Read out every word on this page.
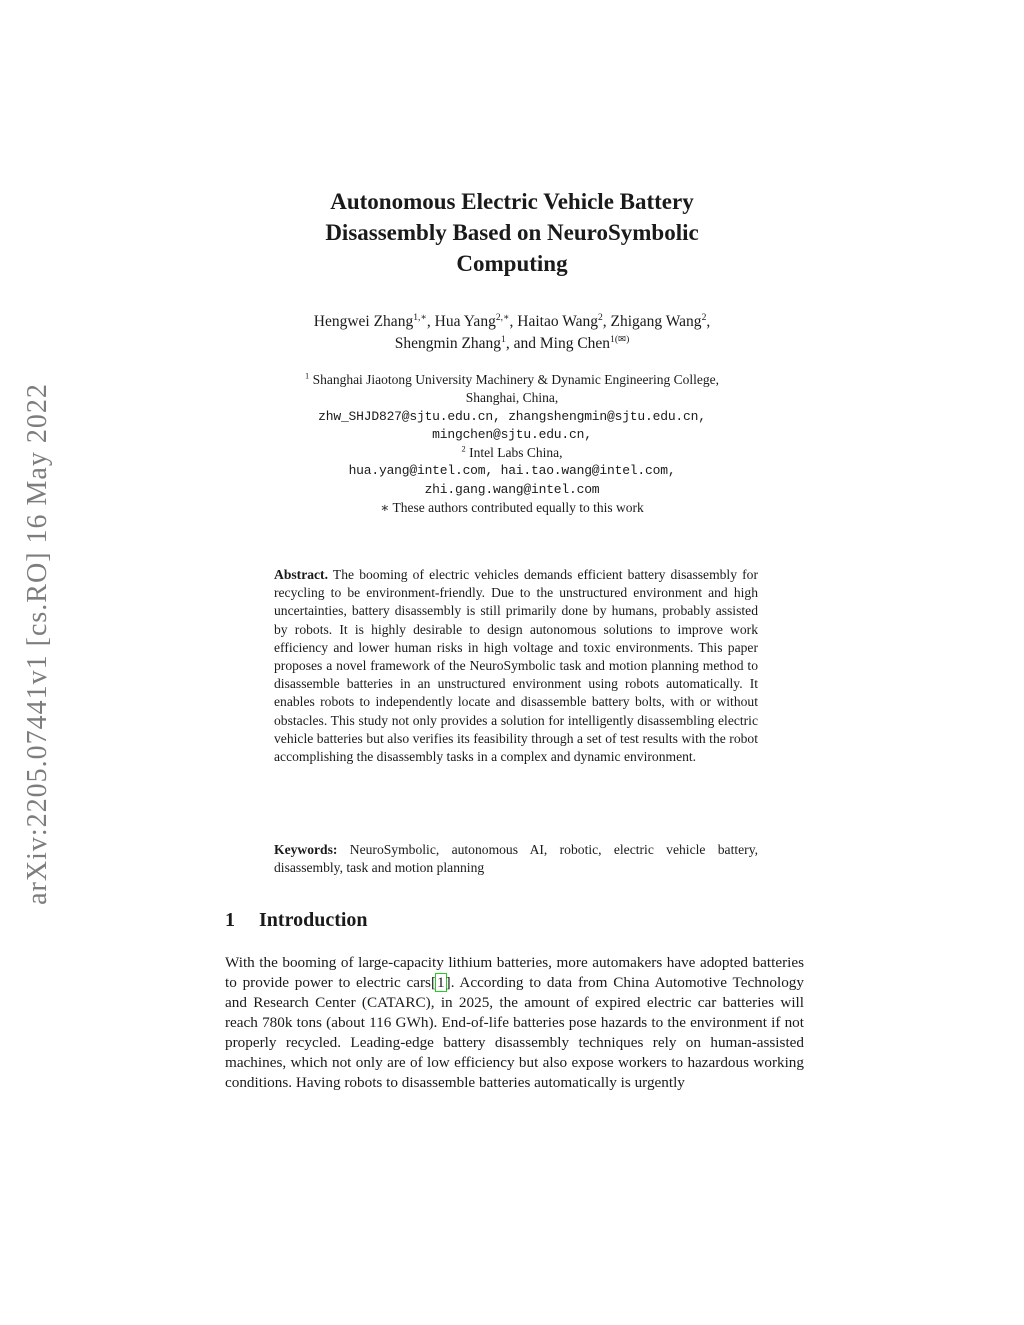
arXiv:2205.07441v1 [cs.RO] 16 May 2022
Autonomous Electric Vehicle Battery
Disassembly Based on NeuroSymbolic
Computing
Hengwei Zhang$^{1,∗}$, Hua Yang$^{2,∗}$, Haitao Wang$^2$, Zhigang Wang$^2$,
Shengmin Zhang$^1$, and Ming Chen$^{1(✉)}$
$^1$ Shanghai Jiaotong University Machinery & Dynamic Engineering College,
Shanghai, China,
zhw_SHJD827@sjtu.edu.cn, zhangshengmin@sjtu.edu.cn,
mingchen@sjtu.edu.cn,
$^2$ Intel Labs China,
hua.yang@intel.com, hai.tao.wang@intel.com,
zhi.gang.wang@intel.com
∗ These authors contributed equally to this work
Abstract. The booming of electric vehicles demands efficient battery disassembly for recycling to be environment-friendly. Due to the unstructured environment and high uncertainties, battery disassembly is still primarily done by humans, probably assisted by robots. It is highly desirable to design autonomous solutions to improve work efficiency and lower human risks in high voltage and toxic environments. This paper proposes a novel framework of the NeuroSymbolic task and motion planning method to disassemble batteries in an unstructured environment using robots automatically. It enables robots to independently locate and disassemble battery bolts, with or without obstacles. This study not only provides a solution for intelligently disassembling electric vehicle batteries but also verifies its feasibility through a set of test results with the robot accomplishing the disassembly tasks in a complex and dynamic environment.
Keywords: NeuroSymbolic, autonomous AI, robotic, electric vehicle battery, disassembly, task and motion planning
1 Introduction

With the booming of large-capacity lithium batteries, more automakers have adopted batteries to provide power to electric cars[1]. According to data from China Automotive Technology and Research Center (CATARC), in 2025, the amount of expired electric car batteries will reach 780k tons (about 116 GWh). End-of-life batteries pose hazards to the environment if not properly recycled. Leading-edge battery disassembly techniques rely on human-assisted machines, which not only are of low efficiency but also expose workers to hazardous working conditions. Having robots to disassemble batteries automatically is urgently
